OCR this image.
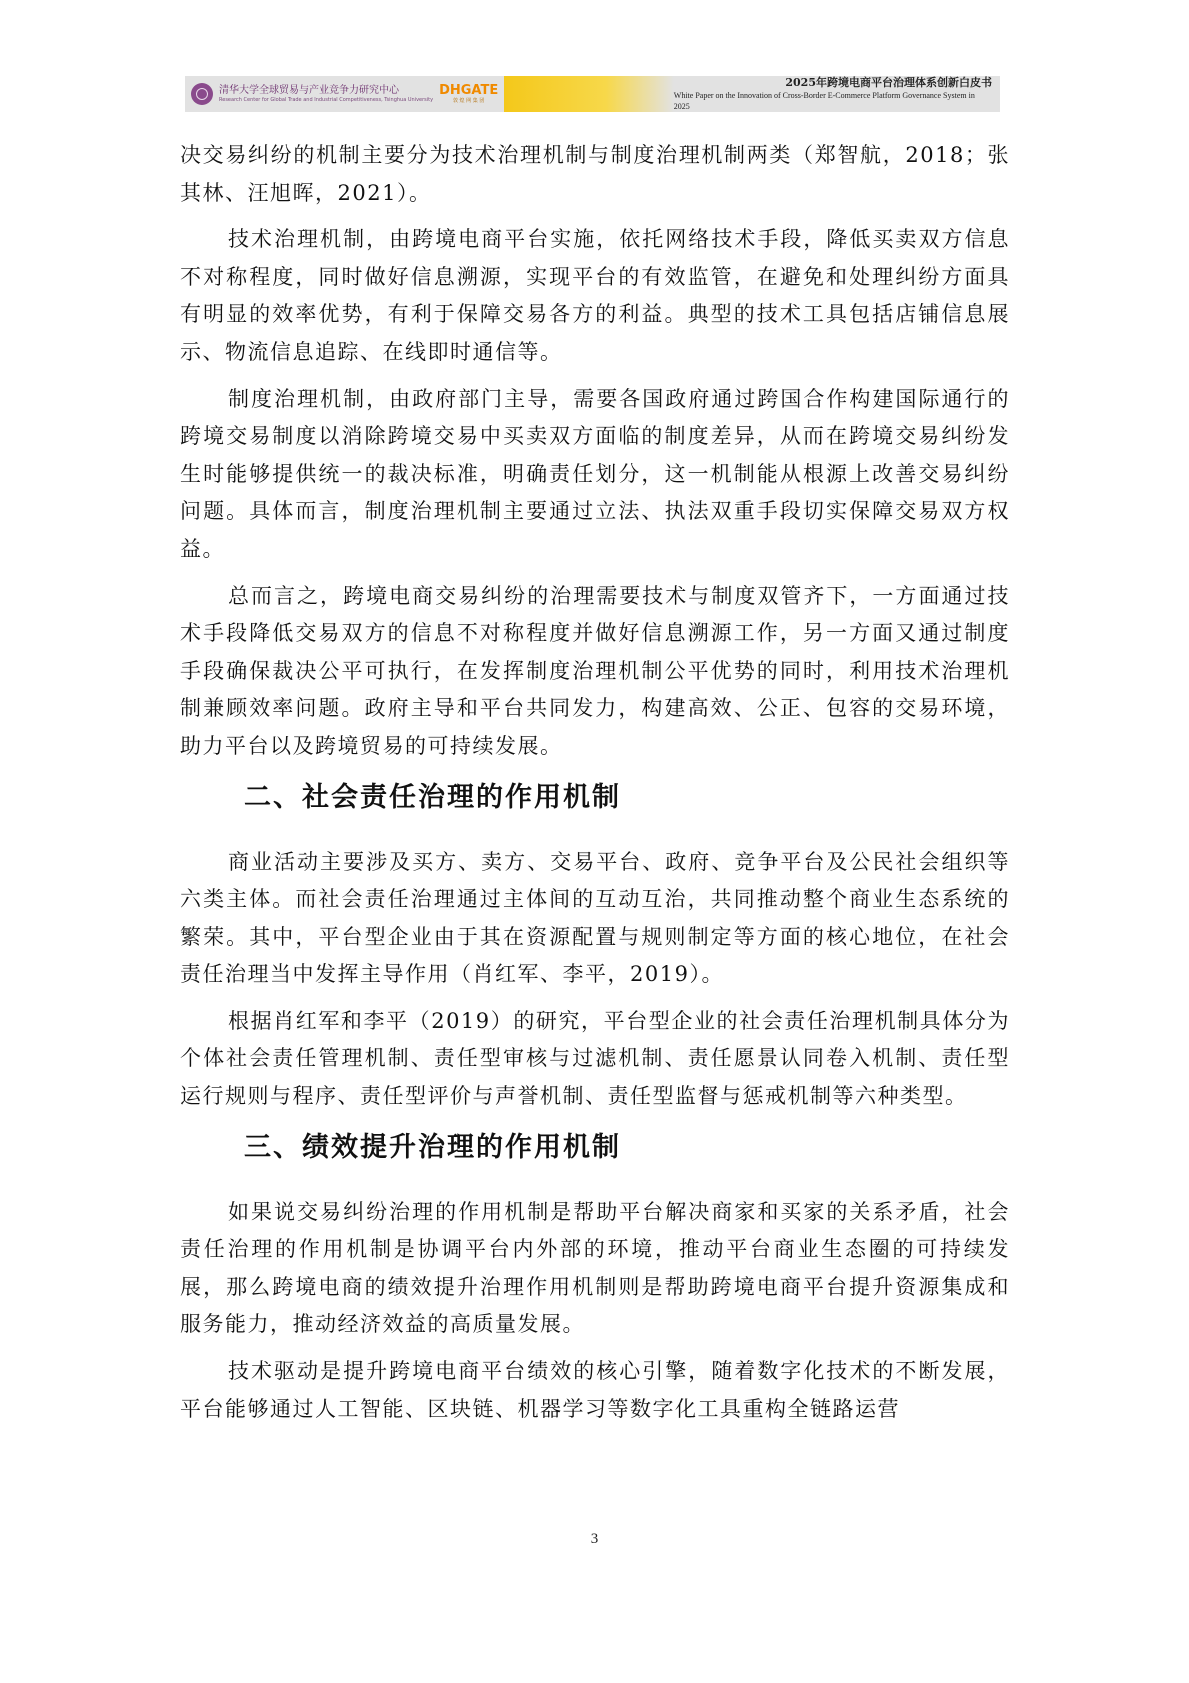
清华大学全球贸易与产业竞争力研究中心
Research Center for Global Trade and Industrial Competitiveness, Tsinghua University
DHGATE
敦 煌 网 集 团
2025年跨境电商平台治理体系创新白皮书
White Paper on the Innovation of Cross-Border E-Commerce Platform Governance System in 2025

决交易纠纷的机制主要分为技术治理机制与制度治理机制两类（郑智航，2018；张其林、汪旭晖，2021）。

技术治理机制，由跨境电商平台实施，依托网络技术手段，降低买卖双方信息不对称程度，同时做好信息溯源，实现平台的有效监管，在避免和处理纠纷方面具有明显的效率优势，有利于保障交易各方的利益。典型的技术工具包括店铺信息展示、物流信息追踪、在线即时通信等。

制度治理机制，由政府部门主导，需要各国政府通过跨国合作构建国际通行的跨境交易制度以消除跨境交易中买卖双方面临的制度差异，从而在跨境交易纠纷发生时能够提供统一的裁决标准，明确责任划分，这一机制能从根源上改善交易纠纷问题。具体而言，制度治理机制主要通过立法、执法双重手段切实保障交易双方权益。

总而言之，跨境电商交易纠纷的治理需要技术与制度双管齐下，一方面通过技术手段降低交易双方的信息不对称程度并做好信息溯源工作，另一方面又通过制度手段确保裁决公平可执行，在发挥制度治理机制公平优势的同时，利用技术治理机制兼顾效率问题。政府主导和平台共同发力，构建高效、公正、包容的交易环境，助力平台以及跨境贸易的可持续发展。

二、社会责任治理的作用机制

商业活动主要涉及买方、卖方、交易平台、政府、竞争平台及公民社会组织等六类主体。而社会责任治理通过主体间的互动互治，共同推动整个商业生态系统的繁荣。其中，平台型企业由于其在资源配置与规则制定等方面的核心地位，在社会责任治理当中发挥主导作用（肖红军、李平，2019）。

根据肖红军和李平（2019）的研究，平台型企业的社会责任治理机制具体分为个体社会责任管理机制、责任型审核与过滤机制、责任愿景认同卷入机制、责任型运行规则与程序、责任型评价与声誉机制、责任型监督与惩戒机制等六种类型。

三、绩效提升治理的作用机制

如果说交易纠纷治理的作用机制是帮助平台解决商家和买家的关系矛盾，社会责任治理的作用机制是协调平台内外部的环境，推动平台商业生态圈的可持续发展，那么跨境电商的绩效提升治理作用机制则是帮助跨境电商平台提升资源集成和服务能力，推动经济效益的高质量发展。

技术驱动是提升跨境电商平台绩效的核心引擎，随着数字化技术的不断发展，平台能够通过人工智能、区块链、机器学习等数字化工具重构全链路运营

3
